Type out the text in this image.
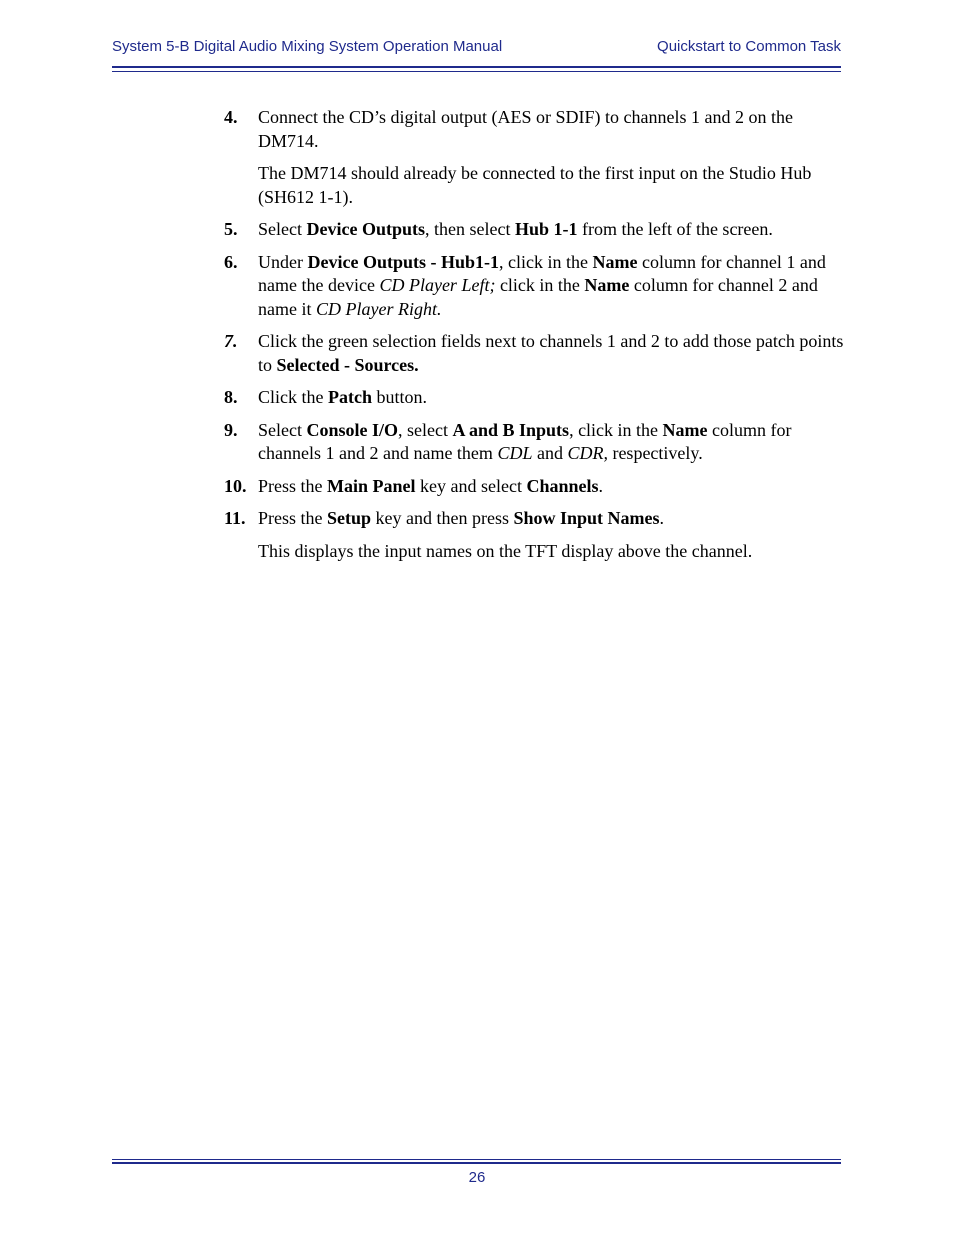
System 5-B Digital Audio Mixing System Operation Manual	Quickstart to Common Task
4. Connect the CD’s digital output (AES or SDIF) to channels 1 and 2 on the DM714.
The DM714 should already be connected to the first input on the Studio Hub (SH612 1-1).
5. Select Device Outputs, then select Hub 1-1 from the left of the screen.
6. Under Device Outputs - Hub1-1, click in the Name column for channel 1 and name the device CD Player Left; click in the Name column for channel 2 and name it CD Player Right.
7. Click the green selection fields next to channels 1 and 2 to add those patch points to Selected - Sources.
8. Click the Patch button.
9. Select Console I/O, select A and B Inputs, click in the Name column for channels 1 and 2 and name them CDL and CDR, respectively.
10. Press the Main Panel key and select Channels.
11. Press the Setup key and then press Show Input Names.
This displays the input names on the TFT display above the channel.
26
